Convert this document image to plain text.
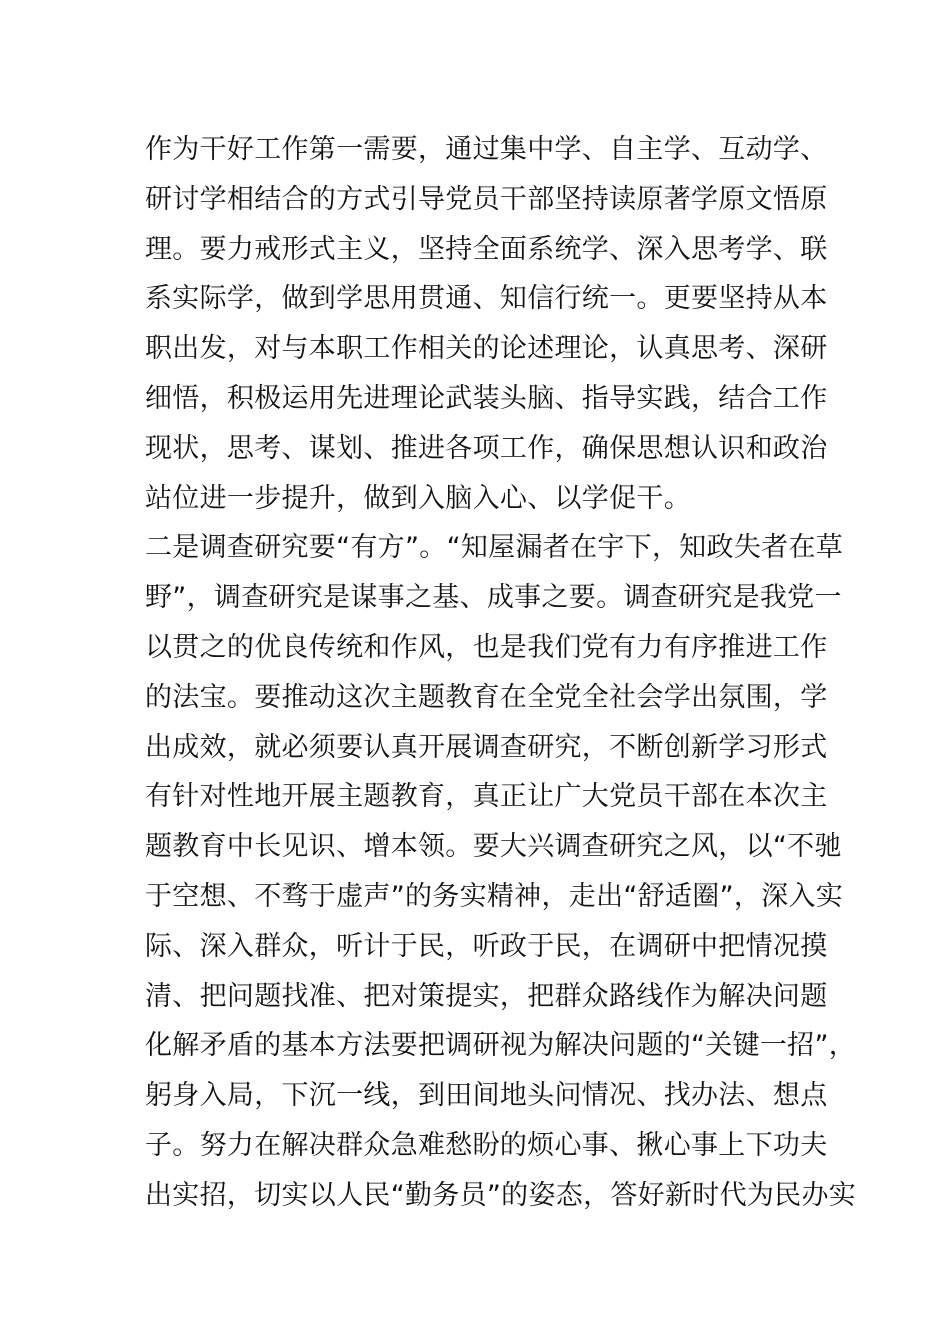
作为干好工作第一需要，通过集中学、自主学、互动学、
研讨学相结合的方式引导党员干部坚持读原著学原文悟原
理。要力戒形式主义，坚持全面系统学、深入思考学、联
系实际学，做到学思用贯通、知信行统一。更要坚持从本
职出发，对与本职工作相关的论述理论，认真思考、深研
细悟，积极运用先进理论武装头脑、指导实践，结合工作
现状，思考、谋划、推进各项工作，确保思想认识和政治
站位进一步提升，做到入脑入心、以学促干。
二是调查研究要“有方”。“知屋漏者在宇下，知政失者在草
野”，调查研究是谋事之基、成事之要。调查研究是我党一
以贯之的优良传统和作风，也是我们党有力有序推进工作
的法宝。要推动这次主题教育在全党全社会学出氛围，学
出成效，就必须要认真开展调查研究，不断创新学习形式
有针对性地开展主题教育，真正让广大党员干部在本次主
题教育中长见识、增本领。要大兴调查研究之风，以“不驰
于空想、不骛于虚声”的务实精神，走出“舒适圈”，深入实
际、深入群众，听计于民，听政于民，在调研中把情况摸
清、把问题找准、把对策提实，把群众路线作为解决问题
化解矛盾的基本方法要把调研视为解决问题的“关键一招”，
躬身入局，下沉一线，到田间地头问情况、找办法、想点
子。努力在解决群众急难愁盼的烦心事、揪心事上下功夫
出实招，切实以人民“勤务员”的姿态，答好新时代为民办实
